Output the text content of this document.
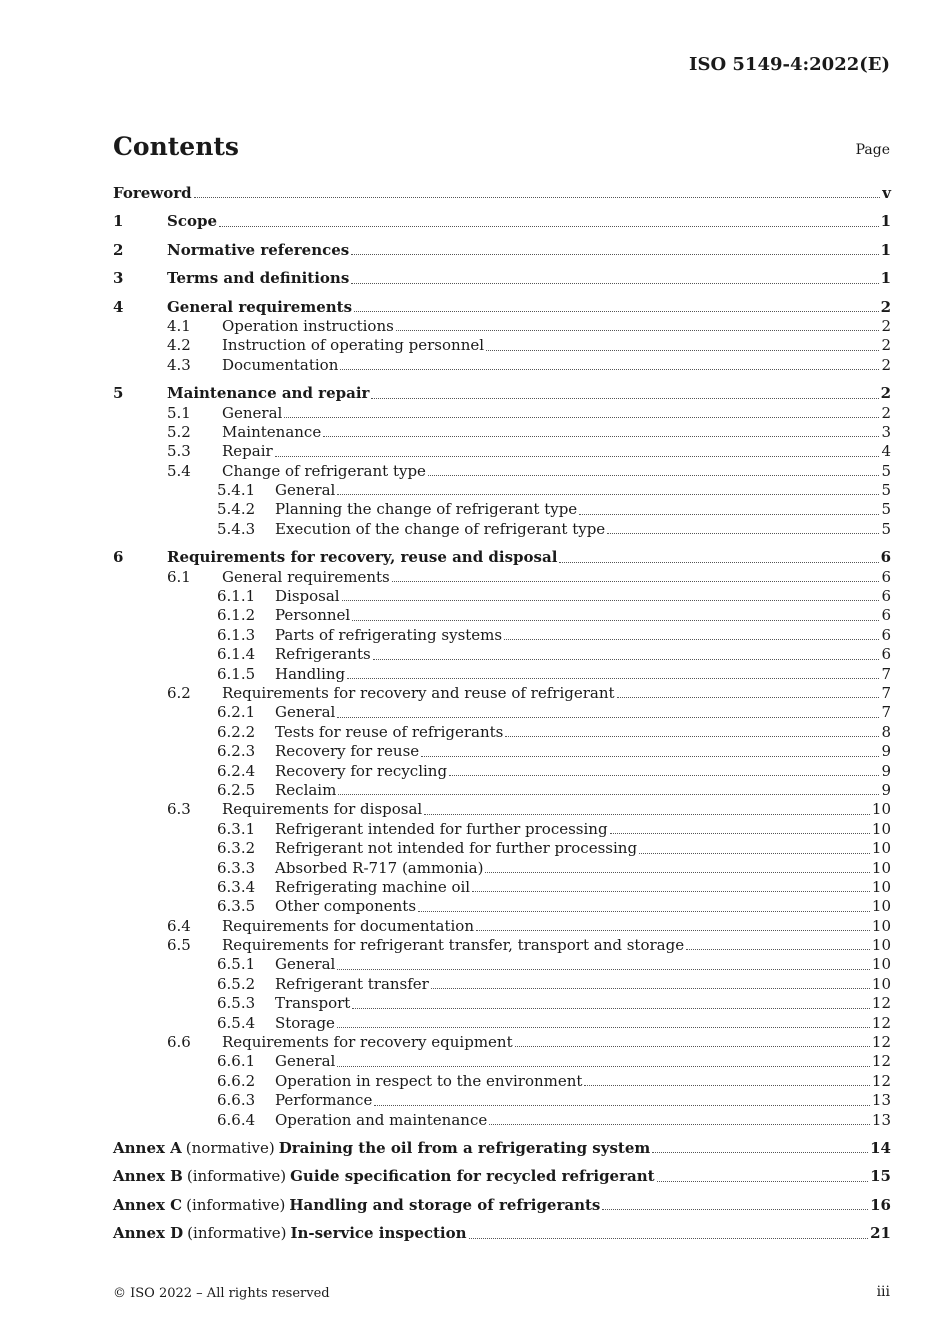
ISO 5149-4:2022(E)
Contents	Page
Foreword	v
1	Scope	1
2	Normative references	1
3	Terms and definitions	1
4	General requirements	2
4.1	Operation instructions	2
4.2	Instruction of operating personnel	2
4.3	Documentation	2
5	Maintenance and repair	2
5.1	General	2
5.2	Maintenance	3
5.3	Repair	4
5.4	Change of refrigerant type	5
5.4.1	General	5
5.4.2	Planning the change of refrigerant type	5
5.4.3	Execution of the change of refrigerant type	5
6	Requirements for recovery, reuse and disposal	6
6.1	General requirements	6
6.1.1	Disposal	6
6.1.2	Personnel	6
6.1.3	Parts of refrigerating systems	6
6.1.4	Refrigerants	6
6.1.5	Handling	7
6.2	Requirements for recovery and reuse of refrigerant	7
6.2.1	General	7
6.2.2	Tests for reuse of refrigerants	8
6.2.3	Recovery for reuse	9
6.2.4	Recovery for recycling	9
6.2.5	Reclaim	9
6.3	Requirements for disposal	10
6.3.1	Refrigerant intended for further processing	10
6.3.2	Refrigerant not intended for further processing	10
6.3.3	Absorbed R-717 (ammonia)	10
6.3.4	Refrigerating machine oil	10
6.3.5	Other components	10
6.4	Requirements for documentation	10
6.5	Requirements for refrigerant transfer, transport and storage	10
6.5.1	General	10
6.5.2	Refrigerant transfer	10
6.5.3	Transport	12
6.5.4	Storage	12
6.6	Requirements for recovery equipment	12
6.6.1	General	12
6.6.2	Operation in respect to the environment	12
6.6.3	Performance	13
6.6.4	Operation and maintenance	13
Annex A (normative) Draining the oil from a refrigerating system	14
Annex B (informative) Guide specification for recycled refrigerant	15
Annex C (informative) Handling and storage of refrigerants	16
Annex D (informative) In-service inspection	21
© ISO 2022 – All rights reserved	iii
